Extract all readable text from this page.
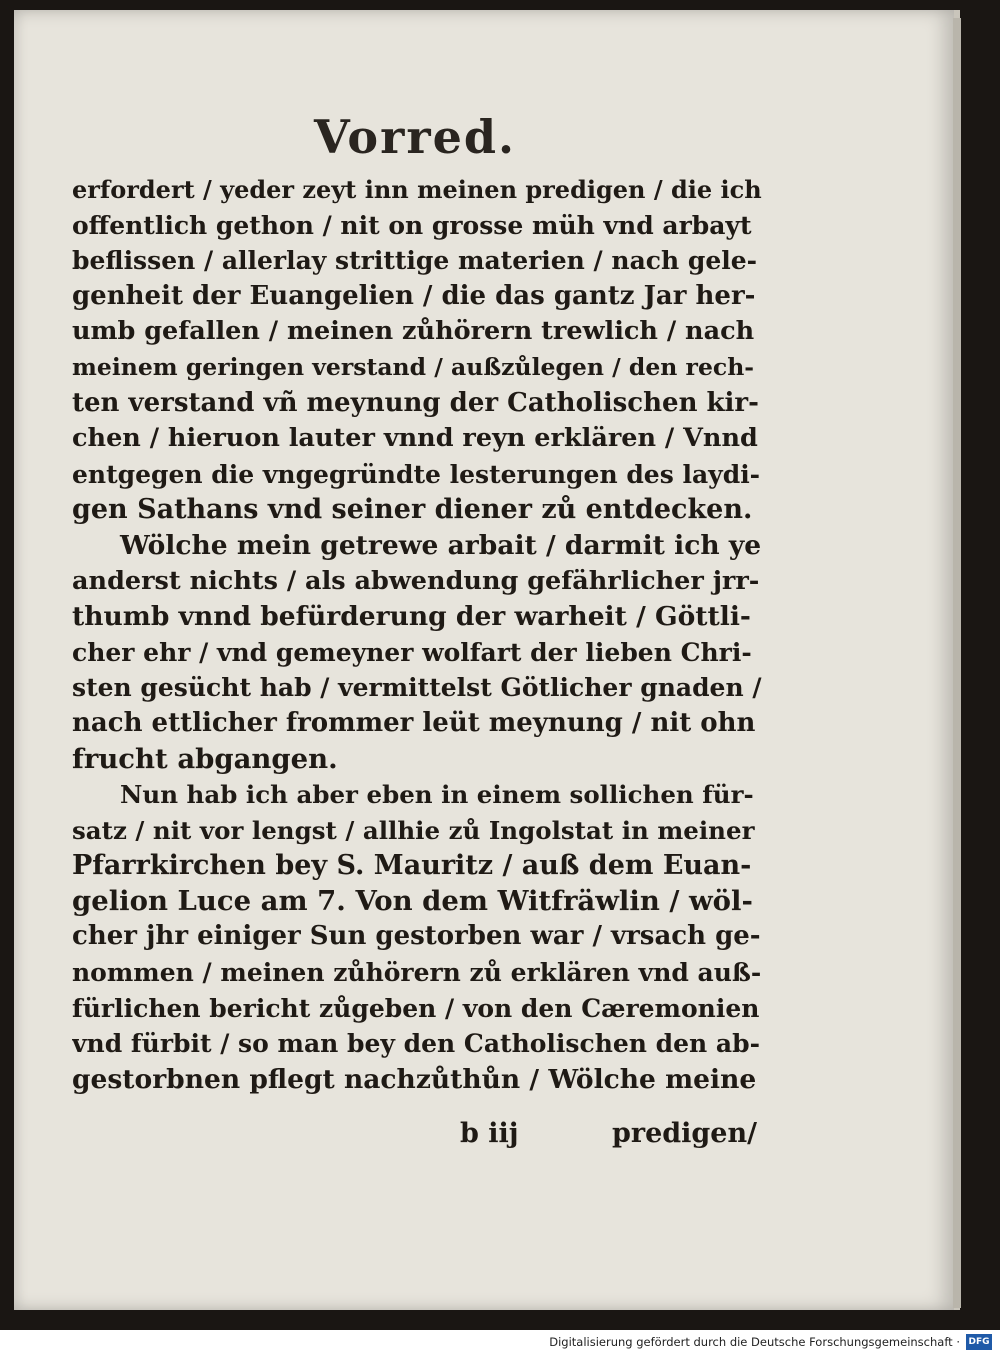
Vorred.
erfordert / yeder zeyt inn meinen predigen / die ich
offentlich gethon / nit on grosse müh vnd arbayt
beflissen / allerlay strittige materien / nach gele-
genheit der Euangelien / die das gantz Jar her-
umb gefallen / meinen zůhörern trewlich / nach
meinem geringen verstand / außzůlegen / den rech-
ten verstand vñ meynung der Catholischen kir-
chen / hieruon lauter vnnd reyn erklären / Vnnd
entgegen die vngegründte lesterungen des laydi-
gen Sathans vnd seiner diener zů entdecken.
Wölche mein getrewe arbait / darmit ich ye
anderst nichts / als abwendung gefährlicher jrr-
thumb vnnd befürderung der warheit / Göttli-
cher ehr / vnd gemeyner wolfart der lieben Chri-
sten gesücht hab / vermittelst Götlicher gnaden /
nach ettlicher frommer leüt meynung / nit ohn
frucht abgangen.
Nun hab ich aber eben in einem sollichen für-
satz / nit vor lengst / allhie zů Ingolstat in meiner
Pfarrkirchen bey S. Mauritz / auß dem Euan-
gelion Luce am 7. Von dem Witfräwlin / wöl-
cher jhr einiger Sun gestorben war / vrsach ge-
nommen / meinen zůhörern zů erklären vnd auß-
fürlichen bericht zůgeben / von den Cæremonien
vnd fürbit / so man bey den Catholischen den ab-
gestorbnen pflegt nachzůthůn / Wölche meine
b iij	predigen/
Digitalisierung gefördert durch die Deutsche Forschungsgemeinschaft · DFG
